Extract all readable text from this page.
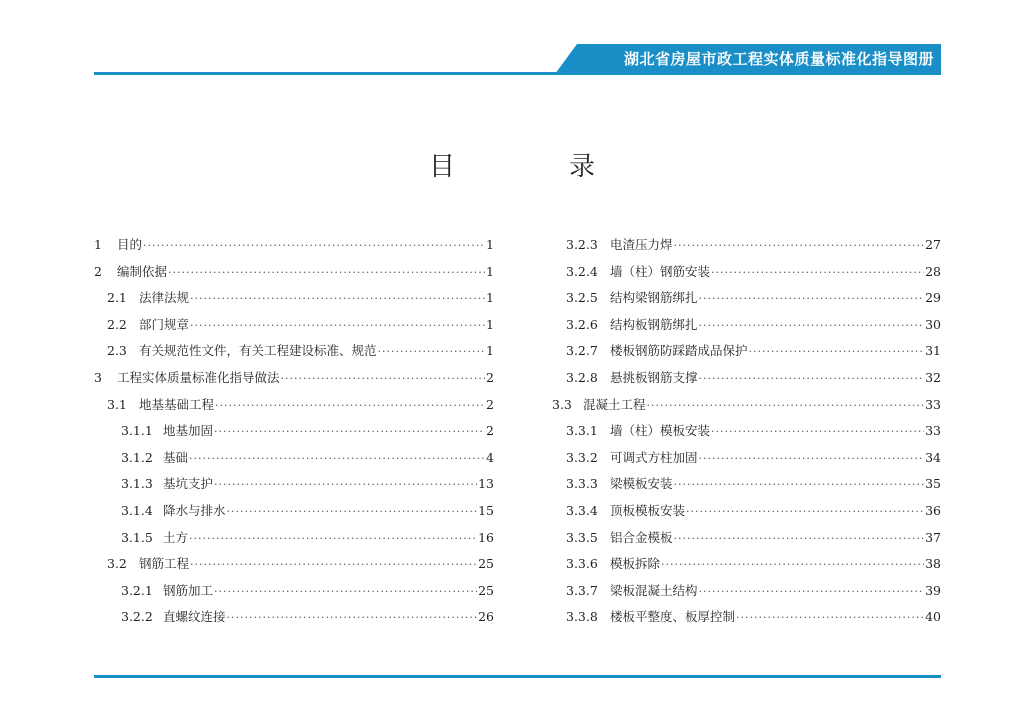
湖北省房屋市政工程实体质量标准化指导图册
目　录
1	目的 ·····	1
2	编制依据 ·····	1
2.1 法律法规 ·····	1
2.2 部门规章 ·····	1
2.3 有关规范性文件，有关工程建设标准、规范 ·····	1
3	工程实体质量标准化指导做法 ·····	2
3.1 地基基础工程 ·····	2
3.1.1 地基加固 ·····	2
3.1.2 基础 ·····	4
3.1.3 基坑支护 ·····	13
3.1.4 降水与排水 ·····	15
3.1.5 土方 ·····	16
3.2 钢筋工程 ·····	25
3.2.1 钢筋加工 ·····	25
3.2.2 直螺纹连接 ·····	26
3.2.3 电渣压力焊 ·····	27
3.2.4 墙（柱）钢筋安装 ·····	28
3.2.5 结构梁钢筋绑扎 ·····	29
3.2.6 结构板钢筋绑扎 ·····	30
3.2.7 楼板钢筋防踩踏成品保护 ·····	31
3.2.8 悬挑板钢筋支撑 ·····	32
3.3 混凝土工程 ·····	33
3.3.1 墙（柱）模板安装 ·····	33
3.3.2 可调式方柱加固 ·····	34
3.3.3 梁模板安装 ·····	35
3.3.4 顶板模板安装 ·····	36
3.3.5 铝合金模板 ·····	37
3.3.6 模板拆除 ·····	38
3.3.7 梁板混凝土结构 ·····	39
3.3.8 楼板平整度、板厚控制 ·····	40
